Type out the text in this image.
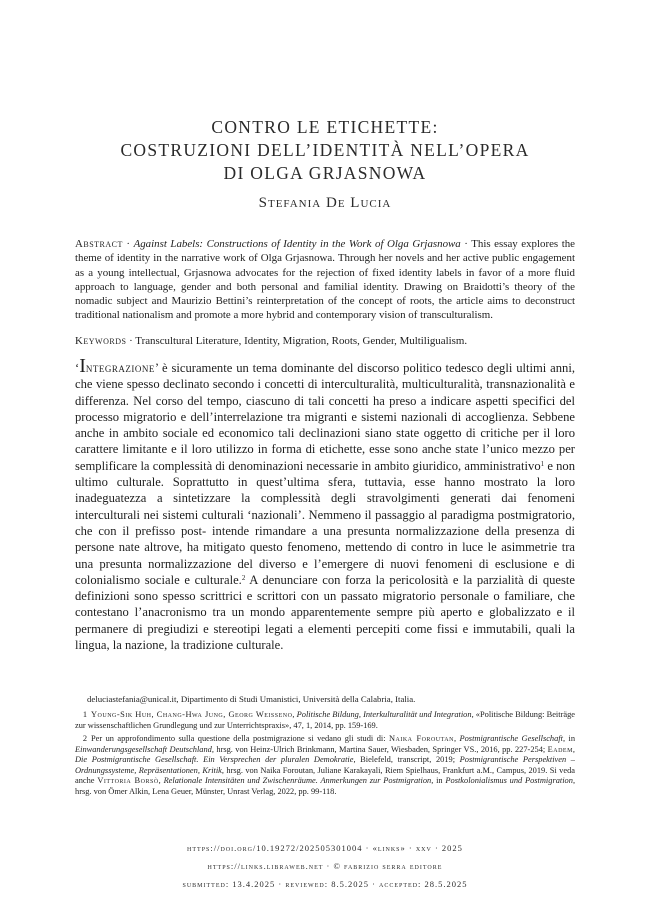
CONTRO LE ETICHETTE:
COSTRUZIONI DELL’IDENTITÀ NELL’OPERA
DI OLGA GRJASNOWA
Stefania De Lucia
Abstract · Against Labels: Constructions of Identity in the Work of Olga Grjasnowa · This essay explores the theme of identity in the narrative work of Olga Grjasnowa. Through her novels and her active public engagement as a young intellectual, Grjasnowa advocates for the rejection of fixed identity labels in favor of a more fluid approach to language, gender and both personal and familial identity. Drawing on Braidotti’s theory of the nomadic subject and Maurizio Bettini’s reinterpretation of the concept of roots, the article aims to deconstruct traditional nationalism and promote a more hybrid and contemporary vision of transculturalism.
Keywords · Transcultural Literature, Identity, Migration, Roots, Gender, Multiligualism.
‘Integrazione’ è sicuramente un tema dominante del discorso politico tedesco degli ultimi anni, che viene spesso declinato secondo i concetti di interculturalità, multiculturalità, transnazionalità e differenza. Nel corso del tempo, ciascuno di tali concetti ha preso a indicare aspetti specifici del processo migratorio e dell’interrelazione tra migranti e sistemi nazionali di accoglienza. Sebbene anche in ambito sociale ed economico tali declinazioni siano state oggetto di critiche per il loro carattere limitante e il loro utilizzo in forma di etichette, esse sono anche state l’unico mezzo per semplificare la complessità di denominazioni necessarie in ambito giuridico, amministrativo$^1$ e non ultimo culturale. Soprattutto in quest’ultima sfera, tuttavia, esse hanno mostrato la loro inadeguatezza a sintetizzare la complessità degli stravolgimenti generati dai fenomeni interculturali nei sistemi culturali ‘nazionali’. Nemmeno il passaggio al paradigma postmigratorio, che con il prefisso post- intende rimandare a una presunta normalizzazione della presenza di persone nate altrove, ha mitigato questo fenomeno, mettendo di contro in luce le asimmetrie tra una presunta normalizzazione del diverso e l’emergere di nuovi fenomeni di esclusione e di colonialismo sociale e culturale.$^2$ A denunciare con forza la pericolosità e la parzialità di queste definizioni sono spesso scrittrici e scrittori con un passato migratorio personale o familiare, che contestano l’anacronismo tra un mondo apparentemente sempre più aperto e globalizzato e il permanere di pregiudizi e stereotipi legati a elementi percepiti come fissi e immutabili, quali la lingua, la nazione, la tradizione culturale.
deluciastefania@unical.it, Dipartimento di Studi Umanistici, Università della Calabria, Italia.
1 Young-Sik Huh, Chang-Hwa Jung, Georg Weisseno, Politische Bildung, Interkulturalität und Integration, «Politische Bildung: Beiträge zur wissenschaftlichen Grundlegung und zur Unterrichtspraxis», 47, 1, 2014, pp. 159-169.
2 Per un approfondimento sulla questione della postmigrazione si vedano gli studi di: Naika Foroutan, Postmigrantische Gesellschaft, in Einwanderungsgesellschaft Deutschland, hrsg. von Heinz-Ulrich Brinkmann, Martina Sauer, Wiesbaden, Springer VS., 2016, pp. 227-254; Eadem, Die Postmigrantische Gesellschaft. Ein Versprechen der pluralen Demokratie, Bielefeld, transcript, 2019; Postmigrantische Perspektiven – Ordnungssysteme, Repräsentationen, Kritik, hrsg. von Naika Foroutan, Juliane Karakayali, Riem Spielhaus, Frankfurt a.M., Campus, 2019. Si veda anche Vittoria Borsò, Relationale Intensitäten und Zwischenräume. Anmerkungen zur Postmigration, in Postkolonialismus und Postmigration, hrsg. von Ömer Alkin, Lena Geuer, Münster, Unrast Verlag, 2022, pp. 99-118.
https://doi.org/10.19272/202505301004 · «links» · xxv · 2025
https://links.libraweb.net · © fabrizio serra editore
submitted: 13.4.2025 · reviewed: 8.5.2025 · accepted: 28.5.2025
